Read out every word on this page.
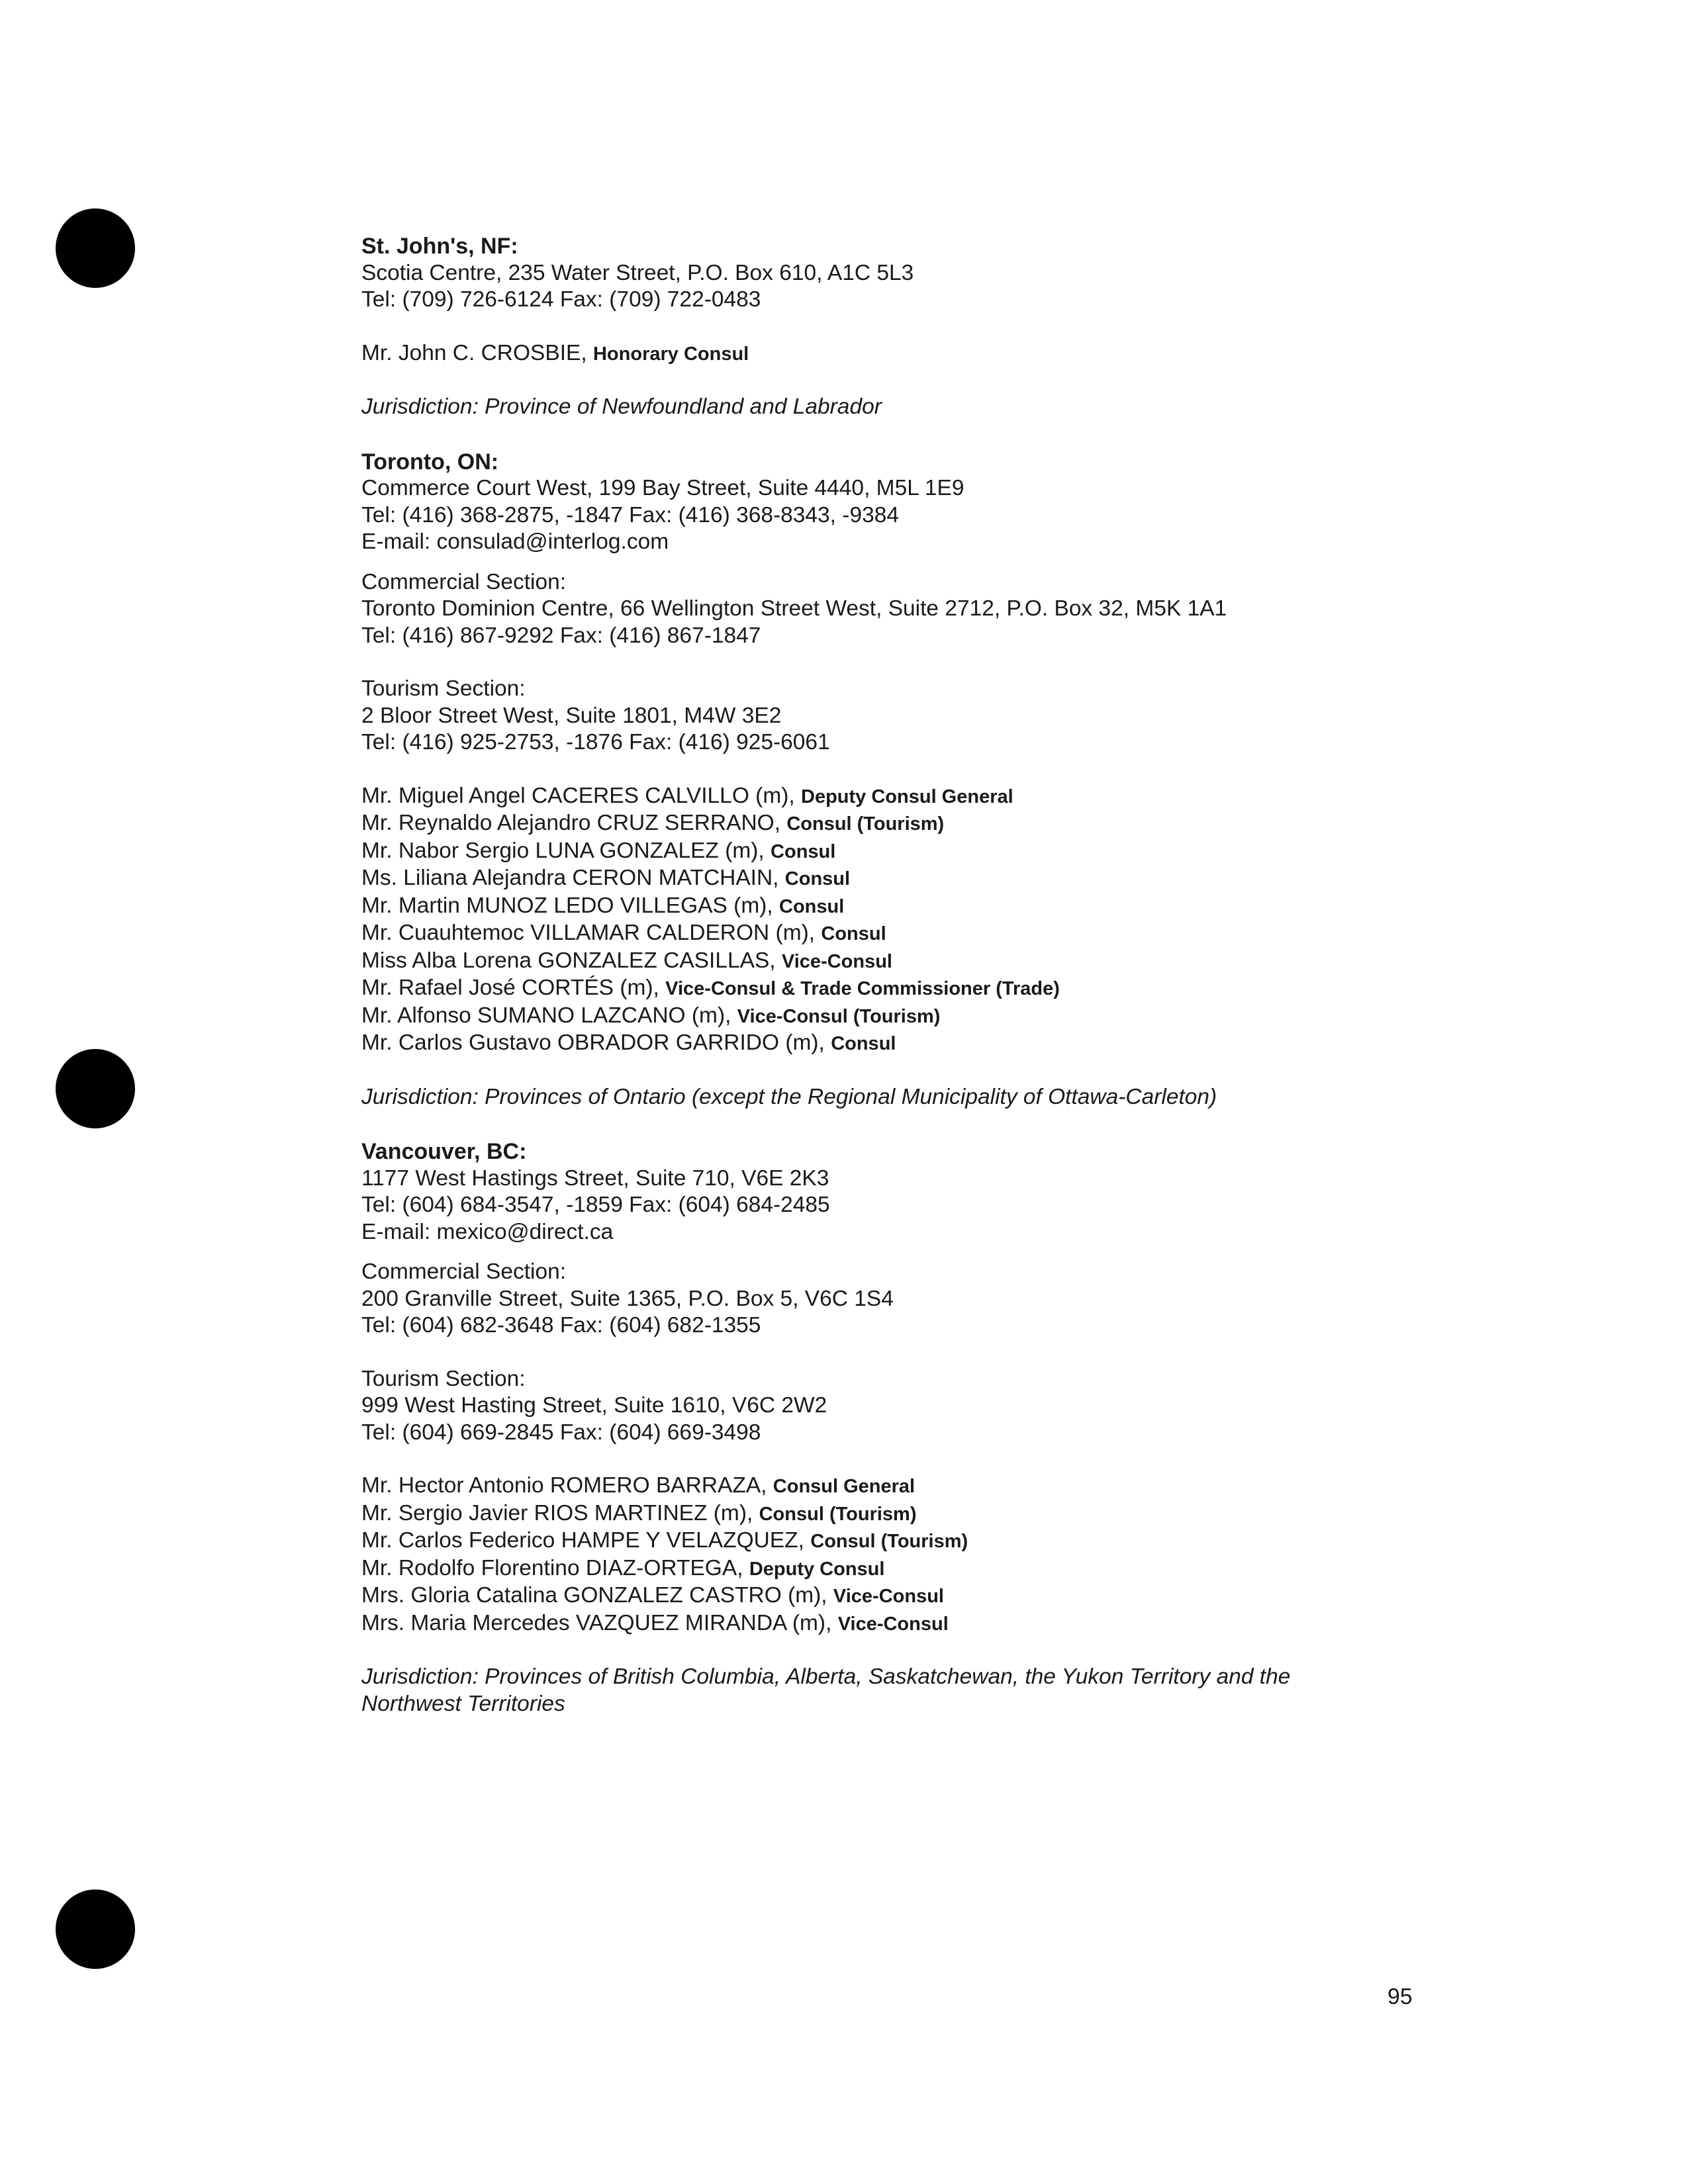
St. John's, NF:
Scotia Centre, 235 Water Street, P.O. Box 610, A1C 5L3
Tel: (709) 726-6124 Fax: (709) 722-0483
Mr. John C. CROSBIE, Honorary Consul
Jurisdiction: Province of Newfoundland and Labrador
Toronto, ON:
Commerce Court West, 199 Bay Street, Suite 4440, M5L 1E9
Tel: (416) 368-2875, -1847 Fax: (416) 368-8343, -9384
E-mail: consulad@interlog.com
Commercial Section:
Toronto Dominion Centre, 66 Wellington Street West, Suite 2712, P.O. Box 32, M5K 1A1
Tel: (416) 867-9292 Fax: (416) 867-1847
Tourism Section:
2 Bloor Street West, Suite 1801, M4W 3E2
Tel: (416) 925-2753, -1876 Fax: (416) 925-6061
Mr. Miguel Angel CACERES CALVILLO (m), Deputy Consul General
Mr. Reynaldo Alejandro CRUZ SERRANO, Consul (Tourism)
Mr. Nabor Sergio LUNA GONZALEZ (m), Consul
Ms. Liliana Alejandra CERON MATCHAIN, Consul
Mr. Martin MUNOZ LEDO VILLEGAS (m), Consul
Mr. Cuauhtemoc VILLAMAR CALDERON (m), Consul
Miss Alba Lorena GONZALEZ CASILLAS, Vice-Consul
Mr. Rafael José CORTÉS (m), Vice-Consul & Trade Commissioner (Trade)
Mr. Alfonso SUMANO LAZCANO (m), Vice-Consul (Tourism)
Mr. Carlos Gustavo OBRADOR GARRIDO (m), Consul
Jurisdiction: Provinces of Ontario (except the Regional Municipality of Ottawa-Carleton)
Vancouver, BC:
1177 West Hastings Street, Suite 710, V6E 2K3
Tel: (604) 684-3547, -1859 Fax: (604) 684-2485
E-mail: mexico@direct.ca
Commercial Section:
200 Granville Street, Suite 1365, P.O. Box 5, V6C 1S4
Tel: (604) 682-3648 Fax: (604) 682-1355
Tourism Section:
999 West Hasting Street, Suite 1610, V6C 2W2
Tel: (604) 669-2845 Fax: (604) 669-3498
Mr. Hector Antonio ROMERO BARRAZA, Consul General
Mr. Sergio Javier RIOS MARTINEZ (m), Consul (Tourism)
Mr. Carlos Federico HAMPE Y VELAZQUEZ, Consul (Tourism)
Mr. Rodolfo Florentino DIAZ-ORTEGA, Deputy Consul
Mrs. Gloria Catalina GONZALEZ CASTRO (m), Vice-Consul
Mrs. Maria Mercedes VAZQUEZ MIRANDA (m), Vice-Consul
Jurisdiction: Provinces of British Columbia, Alberta, Saskatchewan, the Yukon Territory and the Northwest Territories
95
